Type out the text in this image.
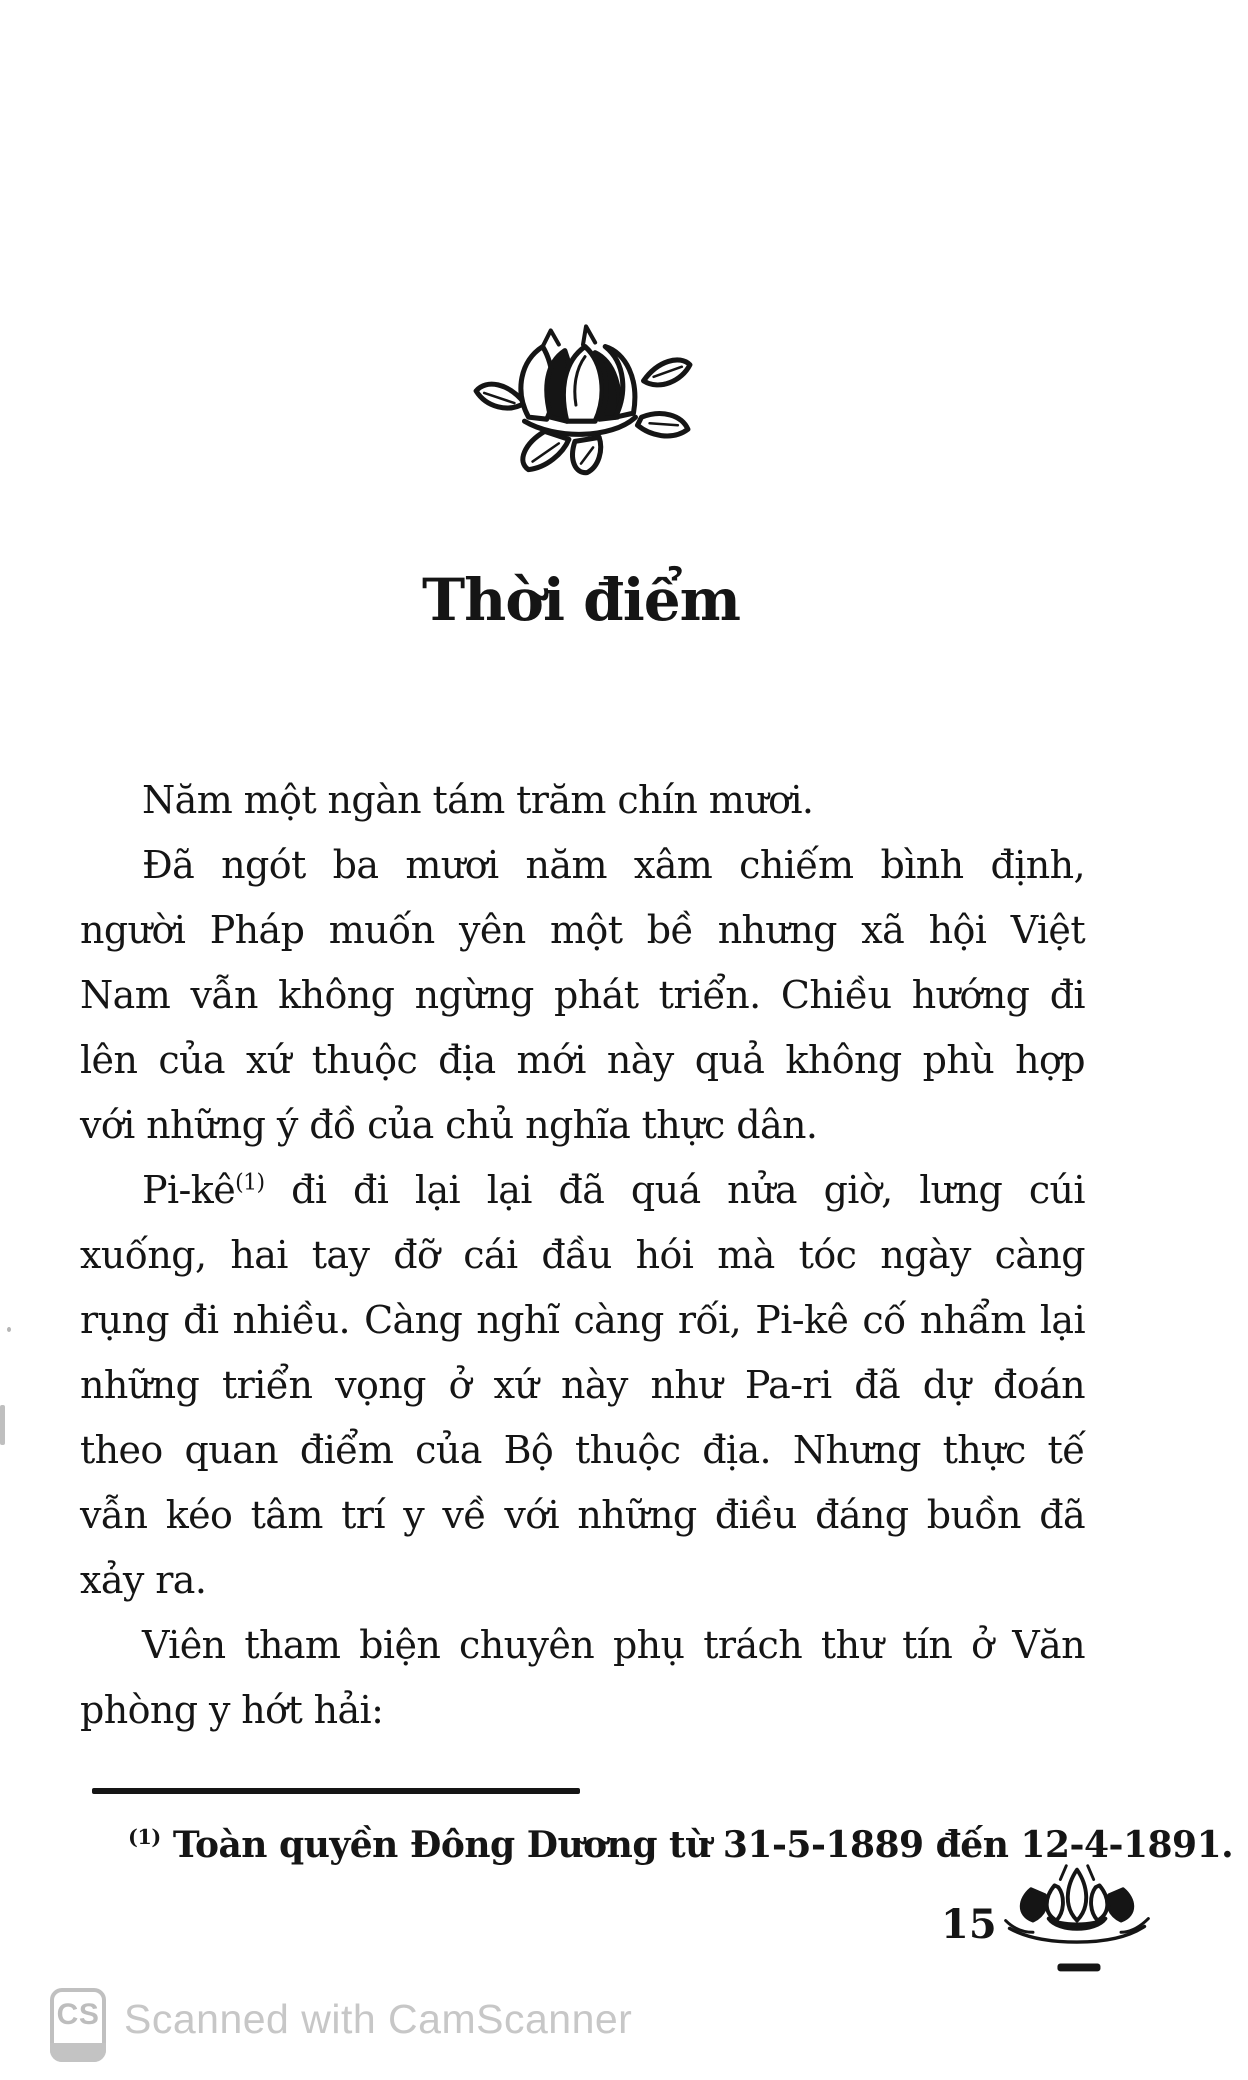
Thời điểm
Năm một ngàn tám trăm chín mươi.
Đã ngót ba mươi năm xâm chiếm bình định,
người Pháp muốn yên một bề nhưng xã hội Việt
Nam vẫn không ngừng phát triển. Chiều hướng đi
lên của xứ thuộc địa mới này quả không phù hợp
với những ý đồ của chủ nghĩa thực dân.
$Pi-kê^{(1)}$ đi đi lại lại đã quá nửa giờ, lưng cúi
xuống, hai tay đỡ cái đầu hói mà tóc ngày càng
rụng đi nhiều. Càng nghĩ càng rối, Pi-kê cố nhẩm lại
những triển vọng ở xứ này như Pa-ri đã dự đoán
theo quan điểm của Bộ thuộc địa. Nhưng thực tế
vẫn kéo tâm trí y về với những điều đáng buồn đã
xảy ra.
Viên tham biện chuyên phụ trách thư tín ở Văn
phòng y hớt hải:
$^{(1)}$ Toàn quyền Đông Dương từ 31-5-1889 đến 12-4-1891.
15
CS Scanned with CamScanner
